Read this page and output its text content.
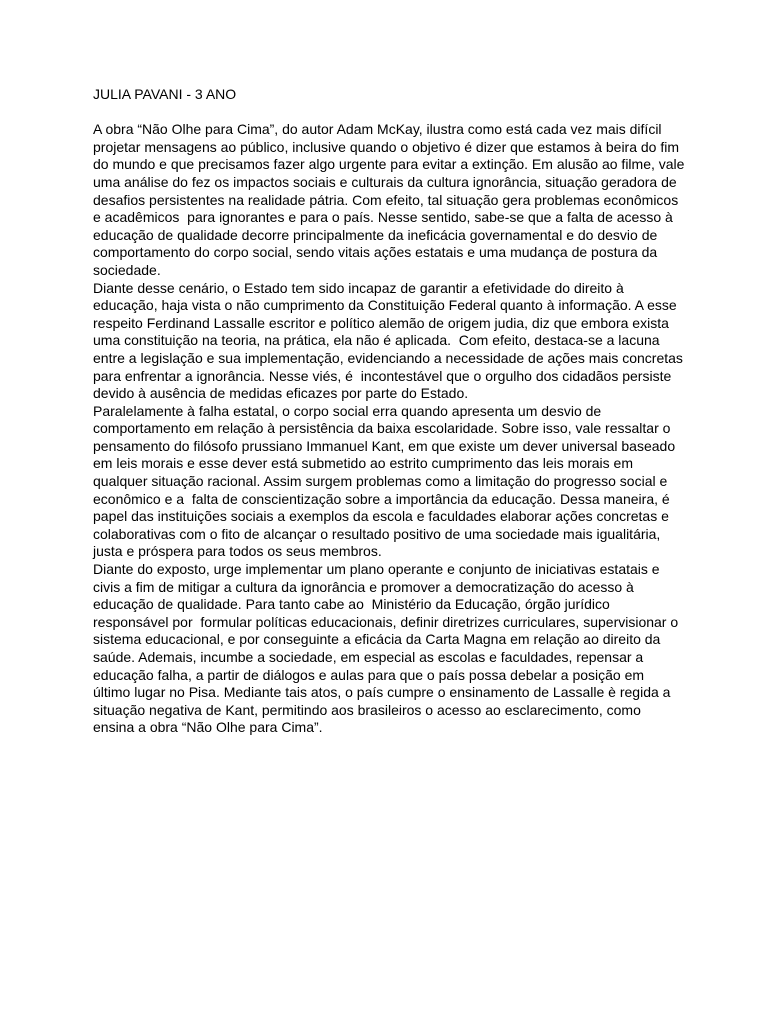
JULIA PAVANI - 3 ANO

A obra “Não Olhe para Cima”, do autor Adam McKay, ilustra como está cada vez mais difícil projetar mensagens ao público, inclusive quando o objetivo é dizer que estamos à beira do fim do mundo e que precisamos fazer algo urgente para evitar a extinção. Em alusão ao filme, vale uma análise do fez os impactos sociais e culturais da cultura ignorância, situação geradora de desafios persistentes na realidade pátria. Com efeito, tal situação gera problemas econômicos e acadêmicos  para ignorantes e para o país. Nesse sentido, sabe-se que a falta de acesso à educação de qualidade decorre principalmente da ineficácia governamental e do desvio de comportamento do corpo social, sendo vitais ações estatais e uma mudança de postura da sociedade.

Diante desse cenário, o Estado tem sido incapaz de garantir a efetividade do direito à educação, haja vista o não cumprimento da Constituição Federal quanto à informação. A esse respeito Ferdinand Lassalle escritor e político alemão de origem judia, diz que embora exista uma constituição na teoria, na prática, ela não é aplicada.  Com efeito, destaca-se a lacuna entre a legislação e sua implementação, evidenciando a necessidade de ações mais concretas para enfrentar a ignorância. Nesse viés, é  incontestável que o orgulho dos cidadãos persiste devido à ausência de medidas eficazes por parte do Estado.

Paralelamente à falha estatal, o corpo social erra quando apresenta um desvio de comportamento em relação à persistência da baixa escolaridade. Sobre isso, vale ressaltar o pensamento do filósofo prussiano Immanuel Kant, em que existe um dever universal baseado em leis morais e esse dever está submetido ao estrito cumprimento das leis morais em qualquer situação racional. Assim surgem problemas como a limitação do progresso social e econômico e a  falta de conscientização sobre a importância da educação. Dessa maneira, é papel das instituições sociais a exemplos da escola e faculdades elaborar ações concretas e colaborativas com o fito de alcançar o resultado positivo de uma sociedade mais igualitária, justa e próspera para todos os seus membros.

Diante do exposto, urge implementar um plano operante e conjunto de iniciativas estatais e civis a fim de mitigar a cultura da ignorância e promover a democratização do acesso à educação de qualidade. Para tanto cabe ao  Ministério da Educação, órgão jurídico responsável por  formular políticas educacionais, definir diretrizes curriculares, supervisionar o sistema educacional, e por conseguinte a eficácia da Carta Magna em relação ao direito da saúde. Ademais, incumbe a sociedade, em especial as escolas e faculdades, repensar a educação falha, a partir de diálogos e aulas para que o país possa debelar a posição em último lugar no Pisa. Mediante tais atos, o país cumpre o ensinamento de Lassalle è regida a situação negativa de Kant, permitindo aos brasileiros o acesso ao esclarecimento, como ensina a obra “Não Olhe para Cima”.
